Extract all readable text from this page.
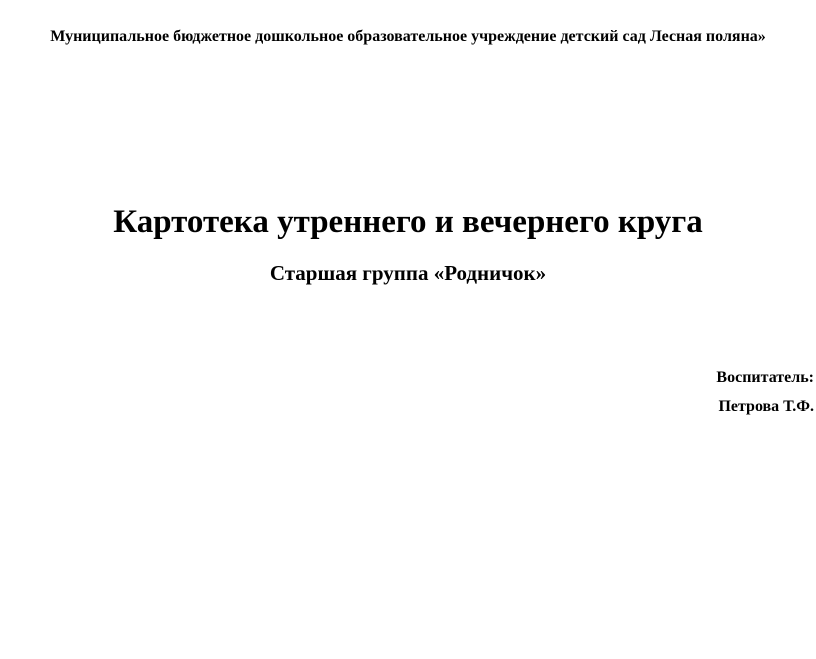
Муниципальное бюджетное дошкольное образовательное учреждение детский сад Лесная поляна»
Картотека утреннего и вечернего круга
Старшая группа «Родничок»
Воспитатель:
Петрова Т.Ф.
